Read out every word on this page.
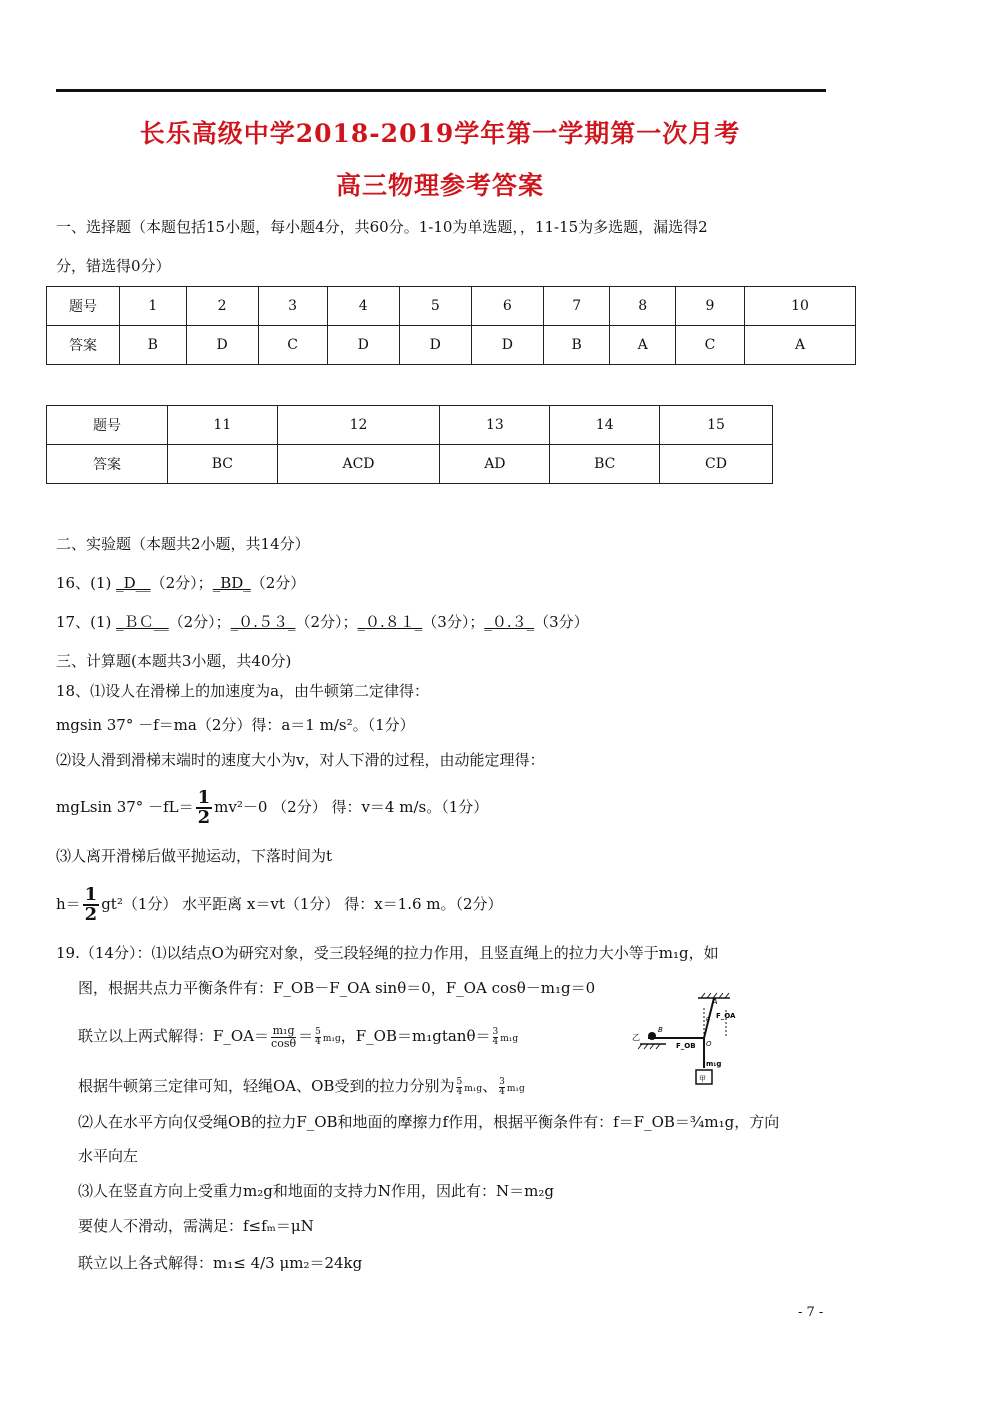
长乐高级中学2018-2019学年第一学期第一次月考
高三物理参考答案
一、选择题（本题包括15小题，每小题4分，共60分。1-10为单选题，，11-15为多选题，漏选得2
分，错选得0分）
题号	1	2	3	4	5	6	7	8	9	10
答案	B	D	C	D	D	D	B	A	C	A
题号	11	12	13	14	15
答案	BC	ACD	AD	BC	CD
二、实验题（本题共2小题，共14分）
16、(1) _D__（2分）；_BD_（2分）
17、(1) _ＢＣ__（2分）；_０.５３_（2分）；_０.８１_（3分）；_０.３_（3分）
三、计算题(本题共3小题，共40分)
18、⑴设人在滑梯上的加速度为a，由牛顿第二定律得：
mgsin 37° －f＝ma（2分）得：a＝1 m/s²。（1分）
⑵设人滑到滑梯末端时的速度大小为v，对人下滑的过程，由动能定理得：
mgLsin $37^\circ -fL= \frac{1}{2} mv^2-0$ （2分） 得：v＝4 m/s。（1分）
⑶人离开滑梯后做平抛运动，下落时间为t
$h= \frac{1}{2} gt^2(1$分） 水平距离 x＝vt（1分） 得：x＝1.6 m。（2分）
19.（14分）：⑴以结点O为研究对象，受三段轻绳的拉力作用，且竖直绳上的拉力大小等于m₁g，如
图，根据共点力平衡条件有：F_OB－F_OA sinθ＝0，F_OA cosθ－m₁g＝0
联立以上两式解得：F_OA＝ $\frac{\text{m₁g}}{\cos\theta} = \frac{5}{4} m_1g$，F_OB＝m₁gtanθ＝ $\frac{3}{4} m_1g$
根据牛顿第三定律可知，轻绳OA、OB受到的拉力分别为 $\frac{5}{4} m_1g$、 $\frac{3}{4} m_1g$
⑵人在水平方向仅受绳OB的拉力F_OB和地面的摩擦力f作用，根据平衡条件有：f＝F_OB＝¾m₁g，方向
水平向左
⑶人在竖直方向上受重力m₂g和地面的支持力N作用，因此有：N＝m₂g
要使人不滑动，需满足：f≤fₘ＝μN
联立以上各式解得：m₁≤ 4/3 μm₂＝24kg
A
F_OA
θ
B
乙
F_OB O
m₁g
甲
- 7 -
